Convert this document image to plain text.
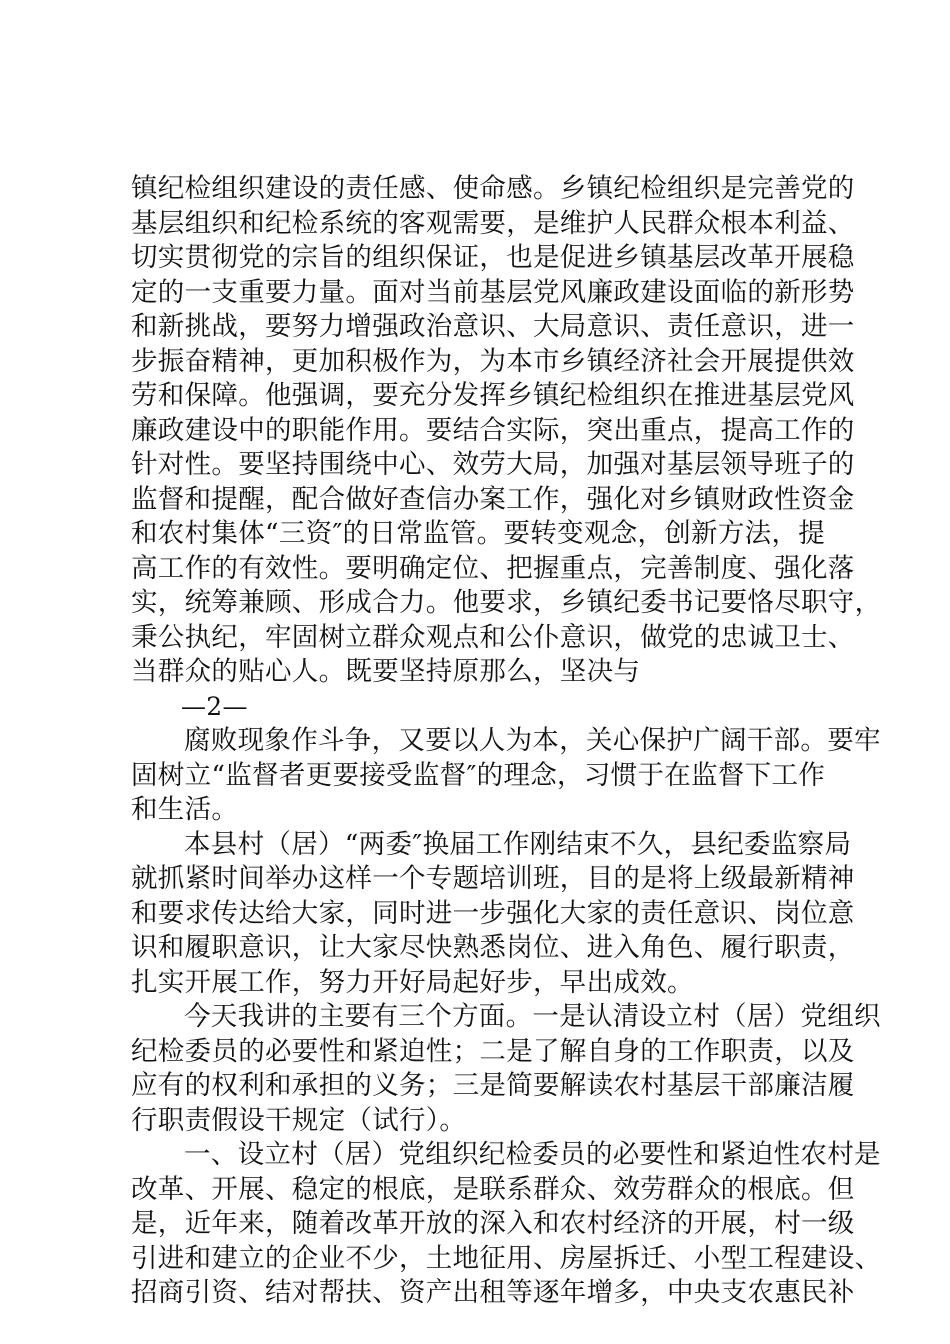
镇纪检组织建设的责任感、使命感。乡镇纪检组织是完善党的
基层组织和纪检系统的客观需要，是维护人民群众根本利益、
切实贯彻党的宗旨的组织保证，也是促进乡镇基层改革开展稳
定的一支重要力量。面对当前基层党风廉政建设面临的新形势
和新挑战，要努力增强政治意识、大局意识、责任意识，进一
步振奋精神，更加积极作为，为本市乡镇经济社会开展提供效
劳和保障。他强调，要充分发挥乡镇纪检组织在推进基层党风
廉政建设中的职能作用。要结合实际，突出重点，提高工作的
针对性。要坚持围绕中心、效劳大局，加强对基层领导班子的
监督和提醒，配合做好查信办案工作，强化对乡镇财政性资金
和农村集体“三资″的日常监管。要转变观念，创新方法，提
高工作的有效性。要明确定位、把握重点，完善制度、强化落
实，统筹兼顾、形成合力。他要求，乡镇纪委书记要恪尽职守，
秉公执纪，牢固树立群众观点和公仆意识，做党的忠诚卫士、
当群众的贴心人。既要坚持原那么，坚决与
—2—
腐败现象作斗争，又要以人为本，关心保护广阔干部。要牢
固树立“监督者更要接受监督″的理念，习惯于在监督下工作
和生活。
本县村（居）“两委″换届工作刚结束不久，县纪委监察局
就抓紧时间举办这样一个专题培训班，目的是将上级最新精神
和要求传达给大家，同时进一步强化大家的责任意识、岗位意
识和履职意识，让大家尽快熟悉岗位、进入角色、履行职责，
扎实开展工作，努力开好局起好步，早出成效。
今天我讲的主要有三个方面。一是认清设立村（居）党组织
纪检委员的必要性和紧迫性；二是了解自身的工作职责，以及
应有的权利和承担的义务；三是简要解读农村基层干部廉洁履
行职责假设干规定（试行）。
一、设立村（居）党组织纪检委员的必要性和紧迫性农村是
改革、开展、稳定的根底，是联系群众、效劳群众的根底。但
是，近年来，随着改革开放的深入和农村经济的开展，村一级
引进和建立的企业不少，土地征用、房屋拆迁、小型工程建设、
招商引资、结对帮扶、资产出租等逐年增多，中央支农惠民补
